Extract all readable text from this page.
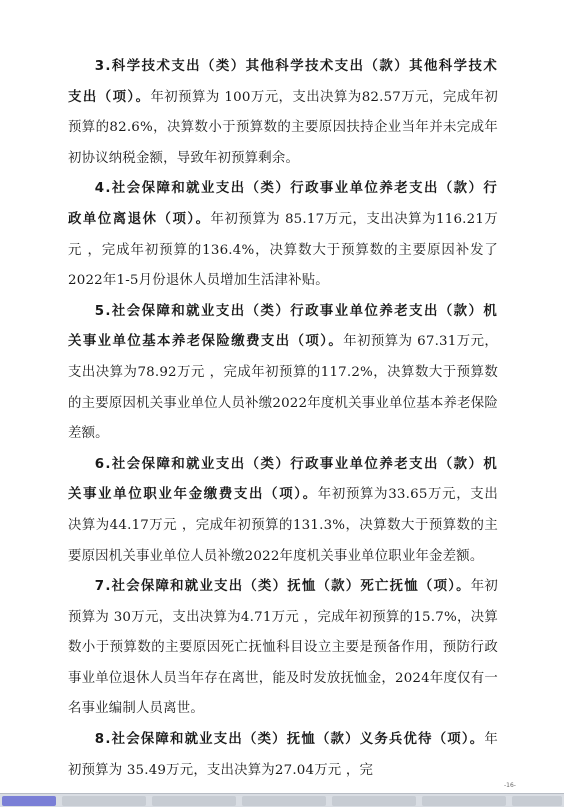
3.科学技术支出（类）其他科学技术支出（款）其他科学技术支出（项）。年初预算为 100万元，支出决算为82.57万元，完成年初预算的82.6%，决算数小于预算数的主要原因扶持企业当年并未完成年初协议纳税金额，导致年初预算剩余。

4.社会保障和就业支出（类）行政事业单位养老支出（款）行政单位离退休（项）。年初预算为 85.17万元，支出决算为116.21万元 ，完成年初预算的136.4%，决算数大于预算数的主要原因补发了2022年1-5月份退休人员增加生活津补贴。

5.社会保障和就业支出（类）行政事业单位养老支出（款）机关事业单位基本养老保险缴费支出（项）。年初预算为 67.31万元，支出决算为78.92万元 ，完成年初预算的117.2%，决算数大于预算数的主要原因机关事业单位人员补缴2022年度机关事业单位基本养老保险差额。

6.社会保障和就业支出（类）行政事业单位养老支出（款）机关事业单位职业年金缴费支出（项）。年初预算为33.65万元，支出决算为44.17万元 ，完成年初预算的131.3%，决算数大于预算数的主要原因机关事业单位人员补缴2022年度机关事业单位职业年金差额。

7.社会保障和就业支出（类）抚恤（款）死亡抚恤（项）。年初预算为 30万元，支出决算为4.71万元 ，完成年初预算的15.7%，决算数小于预算数的主要原因死亡抚恤科目设立主要是预备作用，预防行政事业单位退休人员当年存在离世，能及时发放抚恤金，2024年度仅有一名事业编制人员离世。

8.社会保障和就业支出（类）抚恤（款）义务兵优待（项）。年初预算为 35.49万元，支出决算为27.04万元 ，完

-16-
